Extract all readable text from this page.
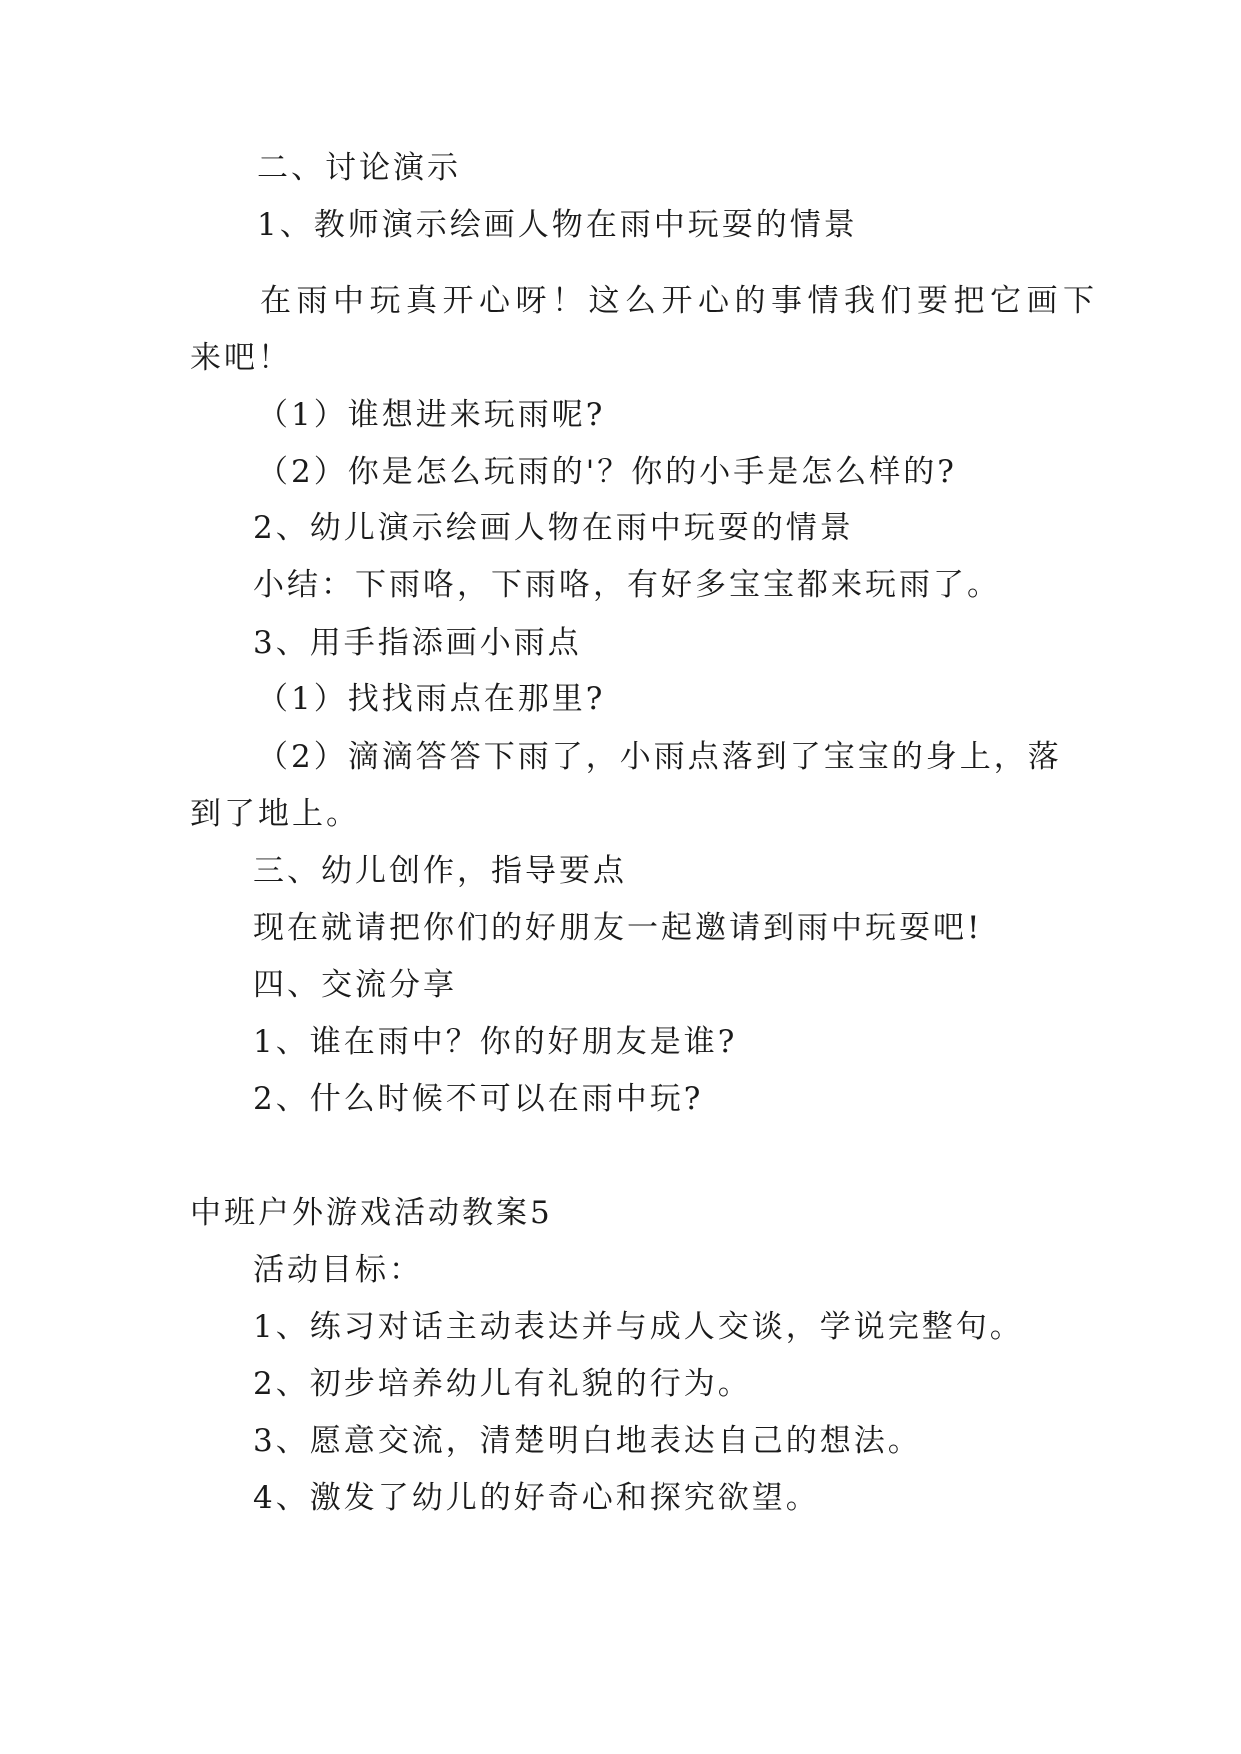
二、讨论演示
1、教师演示绘画人物在雨中玩耍的情景
在雨中玩真开心呀！这么开心的事情我们要把它画下
来吧！
（1）谁想进来玩雨呢?
（2）你是怎么玩雨的'？你的小手是怎么样的?
2、幼儿演示绘画人物在雨中玩耍的情景
小结：下雨咯，下雨咯，有好多宝宝都来玩雨了。
3、用手指添画小雨点
（1）找找雨点在那里?
（2）滴滴答答下雨了，小雨点落到了宝宝的身上，落
到了地上。
三、幼儿创作，指导要点
现在就请把你们的好朋友一起邀请到雨中玩耍吧!
四、交流分享
1、谁在雨中？你的好朋友是谁?
2、什么时候不可以在雨中玩?
中班户外游戏活动教案5
活动目标：
1、练习对话主动表达并与成人交谈，学说完整句。
2、初步培养幼儿有礼貌的行为。
3、愿意交流，清楚明白地表达自己的想法。
4、激发了幼儿的好奇心和探究欲望。
